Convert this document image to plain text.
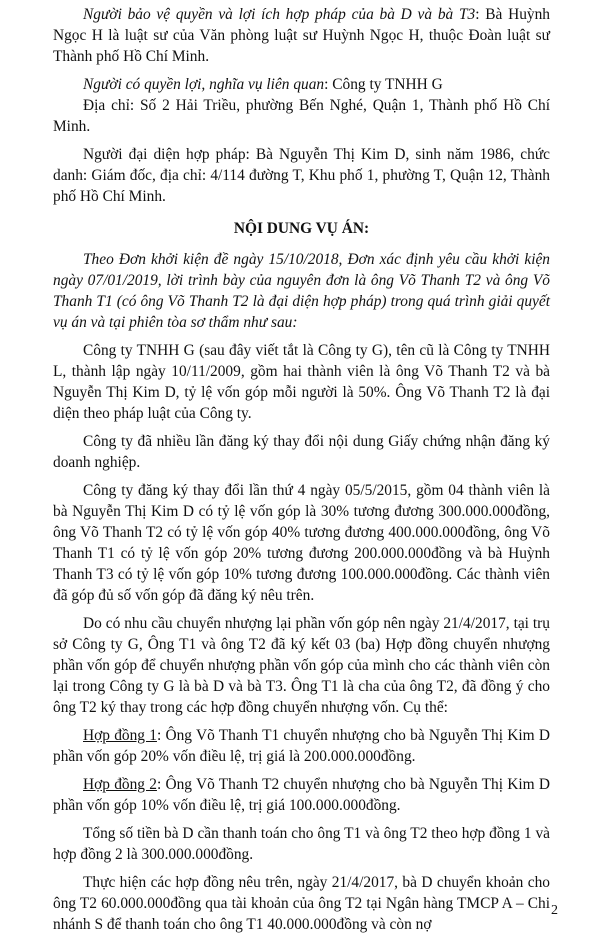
Người bảo vệ quyền và lợi ích hợp pháp của bà D và bà T3: Bà Huỳnh Ngọc H là luật sư của Văn phòng luật sư Huỳnh Ngọc H, thuộc Đoàn luật sư Thành phố Hồ Chí Minh.

Người có quyền lợi, nghĩa vụ liên quan: Công ty TNHH G

Địa chỉ: Số 2 Hải Triều, phường Bến Nghé, Quận 1, Thành phố Hồ Chí Minh.

Người đại diện hợp pháp: Bà Nguyễn Thị Kim D, sinh năm 1986, chức danh: Giám đốc, địa chỉ: 4/114 đường T, Khu phố 1, phường T, Quận 12, Thành phố Hồ Chí Minh.

NỘI DUNG VỤ ÁN:

Theo Đơn khởi kiện đề ngày 15/10/2018, Đơn xác định yêu cầu khởi kiện ngày 07/01/2019, lời trình bày của nguyên đơn là ông Võ Thanh T2 và ông Võ Thanh T1 (có ông Võ Thanh T2 là đại diện hợp pháp) trong quá trình giải quyết vụ án và tại phiên tòa sơ thẩm như sau:

Công ty TNHH G (sau đây viết tắt là Công ty G), tên cũ là Công ty TNHH L, thành lập ngày 10/11/2009, gồm hai thành viên là ông Võ Thanh T2 và bà Nguyễn Thị Kim D, tỷ lệ vốn góp mỗi người là 50%. Ông Võ Thanh T2 là đại diện theo pháp luật của Công ty.

Công ty đã nhiều lần đăng ký thay đổi nội dung Giấy chứng nhận đăng ký doanh nghiệp.

Công ty đăng ký thay đổi lần thứ 4 ngày 05/5/2015, gồm 04 thành viên là bà Nguyễn Thị Kim D có tỷ lệ vốn góp là 30% tương đương 300.000.000đồng, ông Võ Thanh T2 có tỷ lệ vốn góp 40% tương đương 400.000.000đồng, ông Võ Thanh T1 có tỷ lệ vốn góp 20% tương đương 200.000.000đồng và bà Huỳnh Thanh T3 có tỷ lệ vốn góp 10% tương đương 100.000.000đồng. Các thành viên đã góp đủ số vốn góp đã đăng ký nêu trên.

Do có nhu cầu chuyển nhượng lại phần vốn góp nên ngày 21/4/2017, tại trụ sở Công ty G, Ông T1 và ông T2 đã ký kết 03 (ba) Hợp đồng chuyển nhượng phần vốn góp để chuyển nhượng phần vốn góp của mình cho các thành viên còn lại trong Công ty G là bà D và bà T3. Ông T1 là cha của ông T2, đã đồng ý cho ông T2 ký thay trong các hợp đồng chuyển nhượng vốn. Cụ thể:

Hợp đồng 1: Ông Võ Thanh T1 chuyển nhượng cho bà Nguyễn Thị Kim D phần vốn góp 20% vốn điều lệ, trị giá là 200.000.000đồng.

Hợp đồng 2: Ông Võ Thanh T2 chuyển nhượng cho bà Nguyễn Thị Kim D phần vốn góp 10% vốn điều lệ, trị giá 100.000.000đồng.

Tổng số tiền bà D cần thanh toán cho ông T1 và ông T2 theo hợp đồng 1 và hợp đồng 2 là 300.000.000đồng.

Thực hiện các hợp đồng nêu trên, ngày 21/4/2017, bà D chuyển khoản cho ông T2 60.000.000đồng qua tài khoản của ông T2 tại Ngân hàng TMCP A – Chi nhánh S để thanh toán cho ông T1 40.000.000đồng và còn nợ

2
